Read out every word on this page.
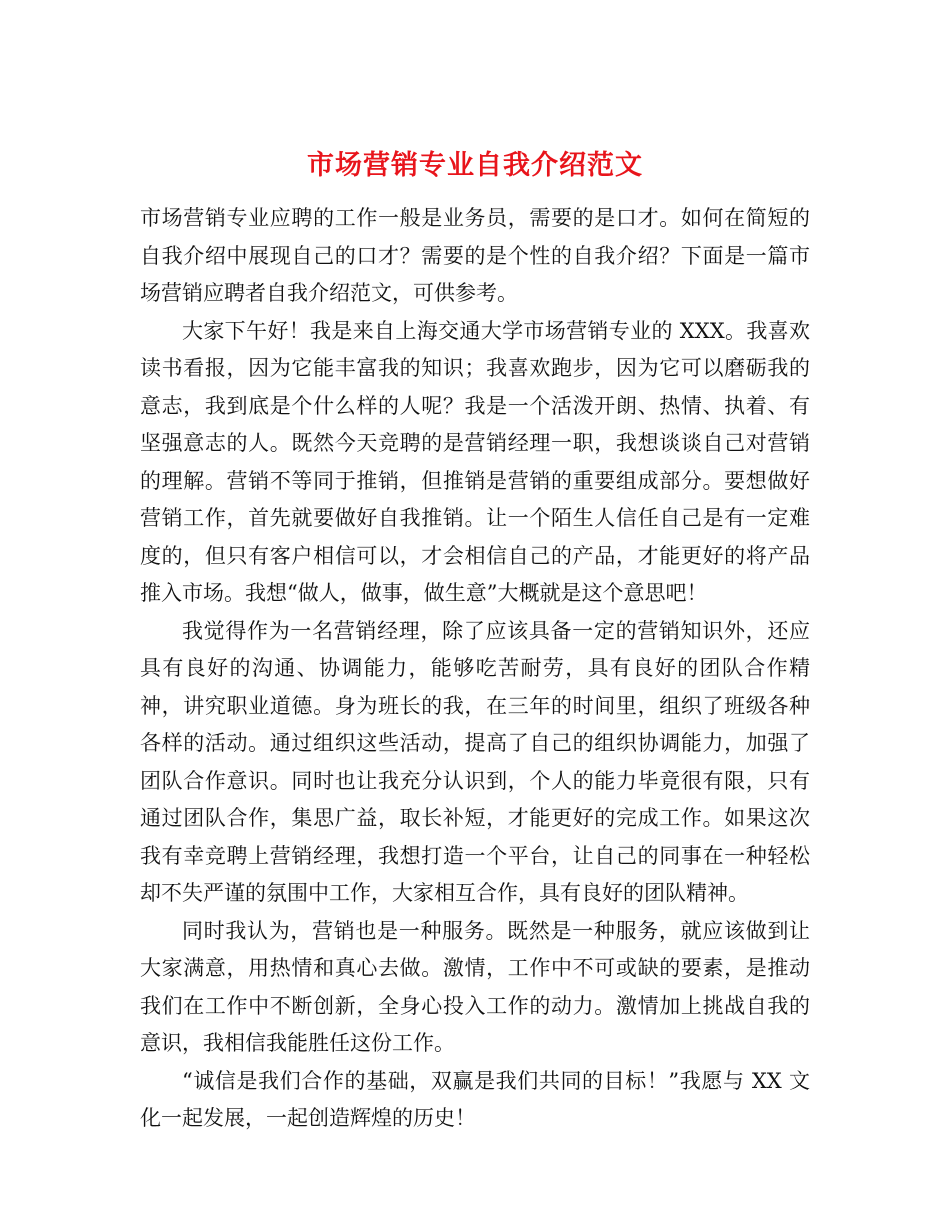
市场营销专业自我介绍范文

市场营销专业应聘的工作一般是业务员，需要的是口才。如何在简短的自我介绍中展现自己的口才？需要的是个性的自我介绍？下面是一篇市场营销应聘者自我介绍范文，可供参考。

大家下午好！我是来自上海交通大学市场营销专业的 XXX。我喜欢读书看报，因为它能丰富我的知识；我喜欢跑步，因为它可以磨砺我的意志，我到底是个什么样的人呢？我是一个活泼开朗、热情、执着、有坚强意志的人。既然今天竞聘的是营销经理一职，我想谈谈自己对营销的理解。营销不等同于推销，但推销是营销的重要组成部分。要想做好营销工作，首先就要做好自我推销。让一个陌生人信任自己是有一定难度的，但只有客户相信可以，才会相信自己的产品，才能更好的将产品推入市场。我想“做人，做事，做生意”大概就是这个意思吧！

我觉得作为一名营销经理，除了应该具备一定的营销知识外，还应具有良好的沟通、协调能力，能够吃苦耐劳，具有良好的团队合作精神，讲究职业道德。身为班长的我，在三年的时间里，组织了班级各种各样的活动。通过组织这些活动，提高了自己的组织协调能力，加强了团队合作意识。同时也让我充分认识到，个人的能力毕竟很有限，只有通过团队合作，集思广益，取长补短，才能更好的完成工作。如果这次我有幸竞聘上营销经理，我想打造一个平台，让自己的同事在一种轻松却不失严谨的氛围中工作，大家相互合作，具有良好的团队精神。

同时我认为，营销也是一种服务。既然是一种服务，就应该做到让大家满意，用热情和真心去做。激情，工作中不可或缺的要素，是推动我们在工作中不断创新，全身心投入工作的动力。激情加上挑战自我的意识，我相信我能胜任这份工作。

“诚信是我们合作的基础，双赢是我们共同的目标！”我愿与 XX 文化一起发展，一起创造辉煌的历史！
